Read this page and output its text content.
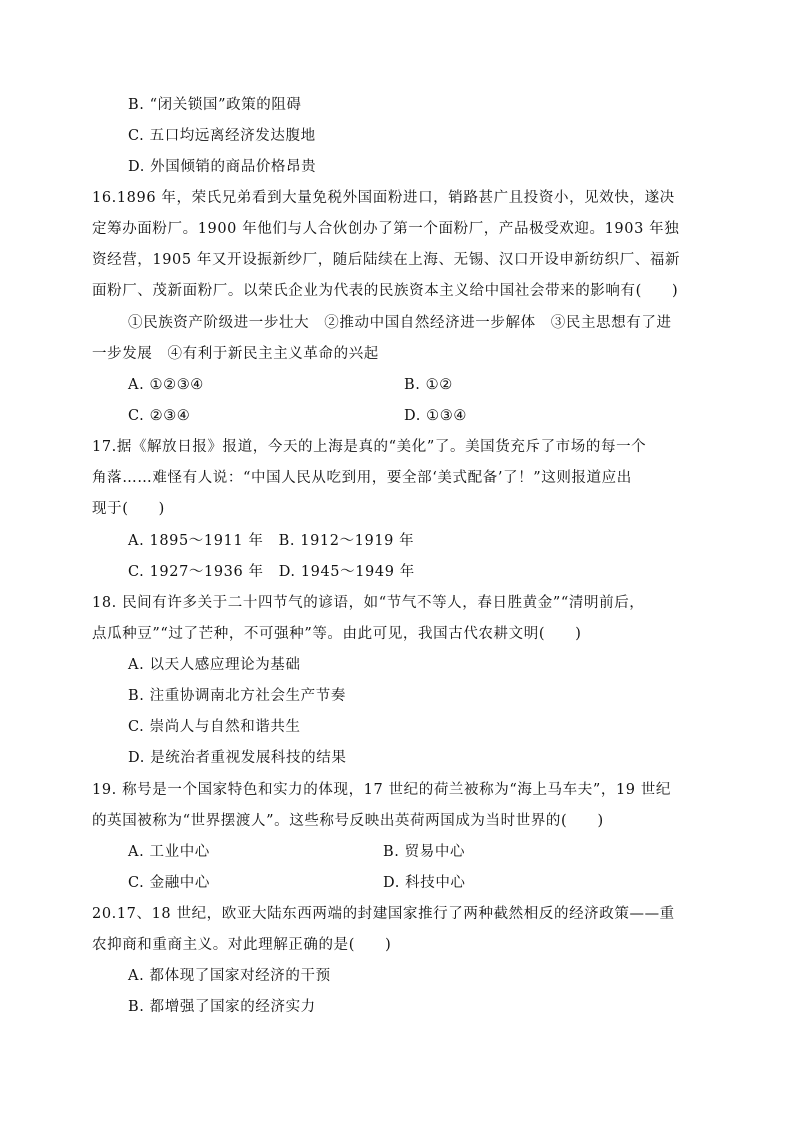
B. “闭关锁国”政策的阻碍
C. 五口均远离经济发达腹地
D. 外国倾销的商品价格昂贵
16.1896 年，荣氏兄弟看到大量免税外国面粉进口，销路甚广且投资小，见效快，遂决
定筹办面粉厂。1900 年他们与人合伙创办了第一个面粉厂，产品极受欢迎。1903 年独
资经营，1905 年又开设振新纱厂，随后陆续在上海、无锡、汉口开设申新纺织厂、福新
面粉厂、茂新面粉厂。以荣氏企业为代表的民族资本主义给中国社会带来的影响有(　　)
①民族资产阶级进一步壮大　②推动中国自然经济进一步解体　③民主思想有了进
一步发展　④有利于新民主主义革命的兴起
A. ①②③④	B. ①②
C. ②③④	D. ①③④
17.据《解放日报》报道，今天的上海是真的“美化”了。美国货充斥了市场的每一个
角落……难怪有人说：“中国人民从吃到用，要全部‘美式配备’了！”这则报道应出
现于(　　)
A. 1895～1911 年　B. 1912～1919 年
C. 1927～1936 年　D. 1945～1949 年
18. 民间有许多关于二十四节气的谚语，如“节气不等人，春日胜黄金”“清明前后，
点瓜种豆”“过了芒种，不可强种”等。由此可见，我国古代农耕文明(　　)
A. 以天人感应理论为基础
B. 注重协调南北方社会生产节奏
C. 崇尚人与自然和谐共生
D. 是统治者重视发展科技的结果
19. 称号是一个国家特色和实力的体现，17 世纪的荷兰被称为“海上马车夫”，19 世纪
的英国被称为“世界摆渡人”。这些称号反映出英荷两国成为当时世界的(　　)
A. 工业中心	B. 贸易中心
C. 金融中心	D. 科技中心
20.17、18 世纪，欧亚大陆东西两端的封建国家推行了两种截然相反的经济政策——重
农抑商和重商主义。对此理解正确的是(　　)
A. 都体现了国家对经济的干预
B. 都增强了国家的经济实力
